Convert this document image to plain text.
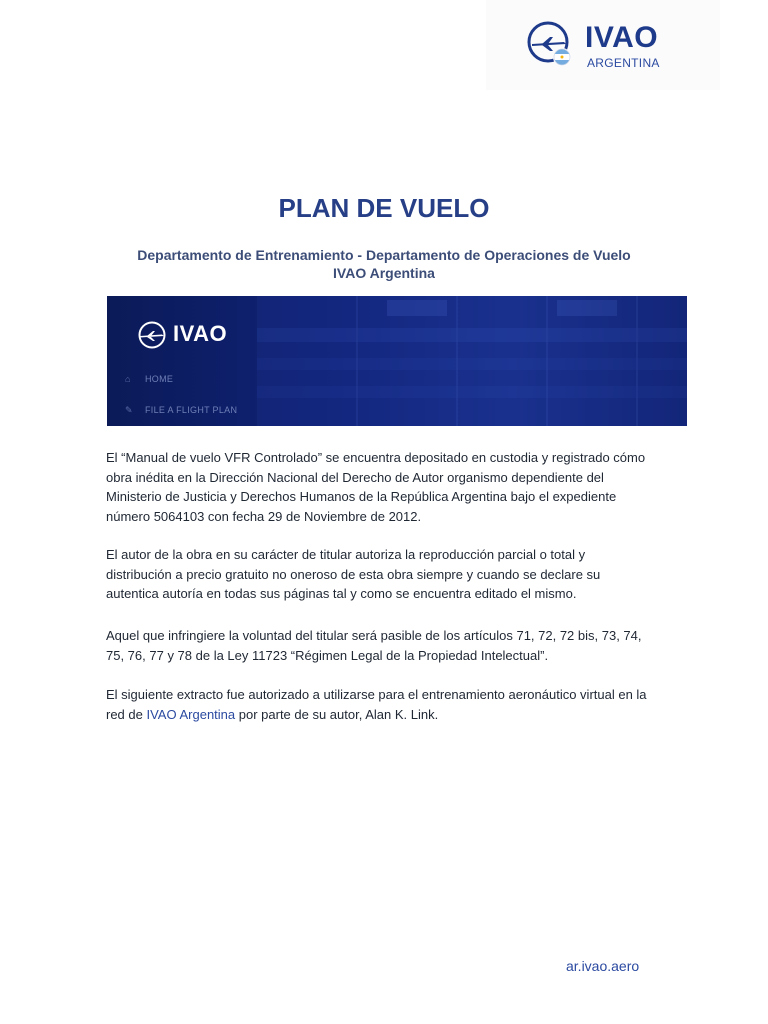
IVAO
ARGENTINA
PLAN DE VUELO
Departamento de Entrenamiento - Departamento de Operaciones de Vuelo
IVAO Argentina
IVAO
⌂ HOME
✎ FILE A FLIGHT PLAN
El “Manual de vuelo VFR Controlado” se encuentra depositado en custodia y registrado cómo
obra inédita en la Dirección Nacional del Derecho de Autor organismo dependiente del
Ministerio de Justicia y Derechos Humanos de la República Argentina bajo el expediente
número 5064103 con fecha 29 de Noviembre de 2012.
El autor de la obra en su carácter de titular autoriza la reproducción parcial o total y
distribución a precio gratuito no oneroso de esta obra siempre y cuando se declare su
autentica autoría en todas sus páginas tal y como se encuentra editado el mismo.
Aquel que infringiere la voluntad del titular será pasible de los artículos 71, 72, 72 bis, 73, 74,
75, 76, 77 y 78 de la Ley 11723 “Régimen Legal de la Propiedad Intelectual”.
El siguiente extracto fue autorizado a utilizarse para el entrenamiento aeronáutico virtual en la
red de IVAO Argentina por parte de su autor, Alan K. Link.
ar.ivao.aero
